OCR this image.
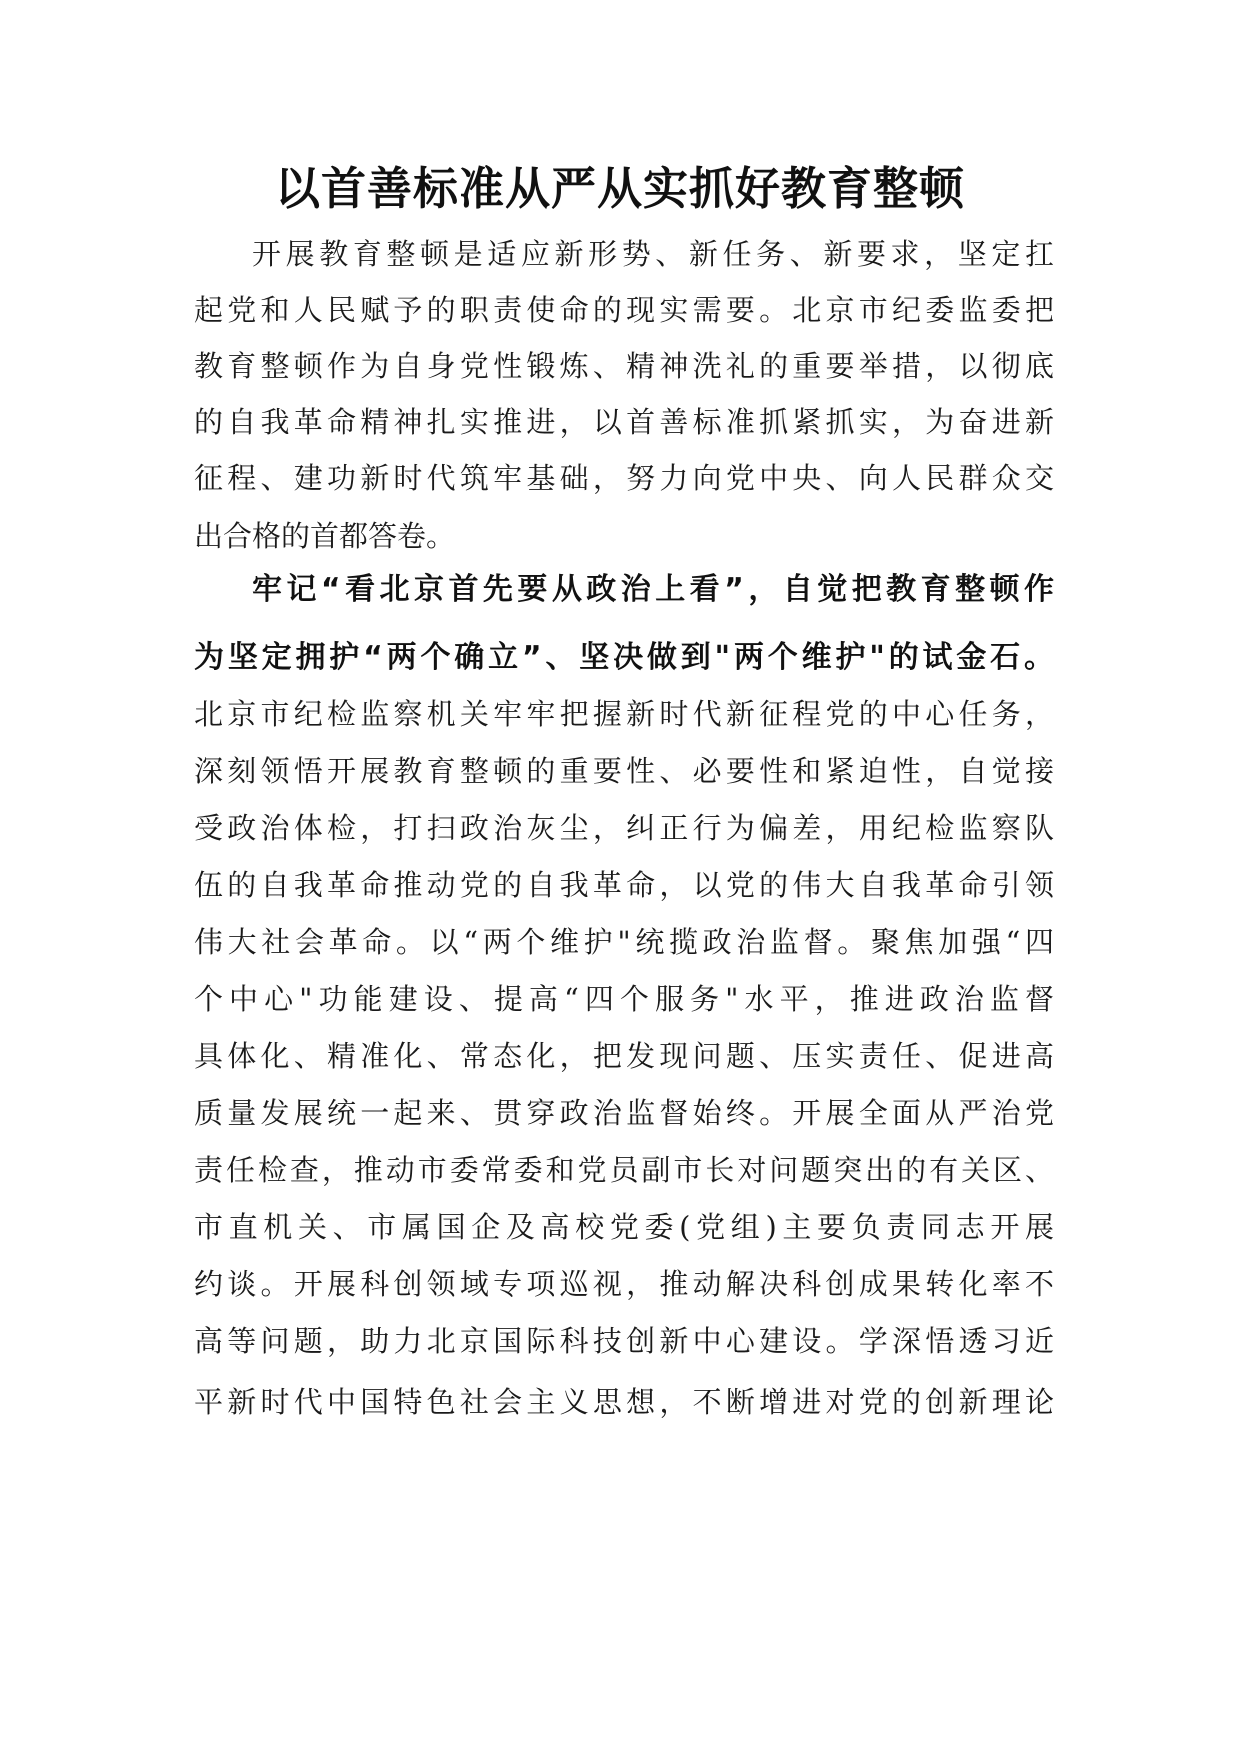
以首善标准从严从实抓好教育整顿

开展教育整顿是适应新形势、新任务、新要求，坚定扛

起党和人民赋予的职责使命的现实需要。北京市纪委监委把

教育整顿作为自身党性锻炼、精神洗礼的重要举措，以彻底

的自我革命精神扎实推进，以首善标准抓紧抓实，为奋进新

征程、建功新时代筑牢基础，努力向党中央、向人民群众交

出合格的首都答卷。

牢记“看北京首先要从政治上看”，自觉把教育整顿作

为坚定拥护“两个确立”、坚决做到"两个维护"的试金石。

北京市纪检监察机关牢牢把握新时代新征程党的中心任务，

深刻领悟开展教育整顿的重要性、必要性和紧迫性，自觉接

受政治体检，打扫政治灰尘，纠正行为偏差，用纪检监察队

伍的自我革命推动党的自我革命，以党的伟大自我革命引领

伟大社会革命。以“两个维护"统揽政治监督。聚焦加强“四

个中心"功能建设、提高“四个服务"水平，推进政治监督

具体化、精准化、常态化，把发现问题、压实责任、促进高

质量发展统一起来、贯穿政治监督始终。开展全面从严治党

责任检查，推动市委常委和党员副市长对问题突出的有关区、

市直机关、市属国企及高校党委(党组)主要负责同志开展

约谈。开展科创领域专项巡视，推动解决科创成果转化率不

高等问题，助力北京国际科技创新中心建设。学深悟透习近

平新时代中国特色社会主义思想，不断增进对党的创新理论
